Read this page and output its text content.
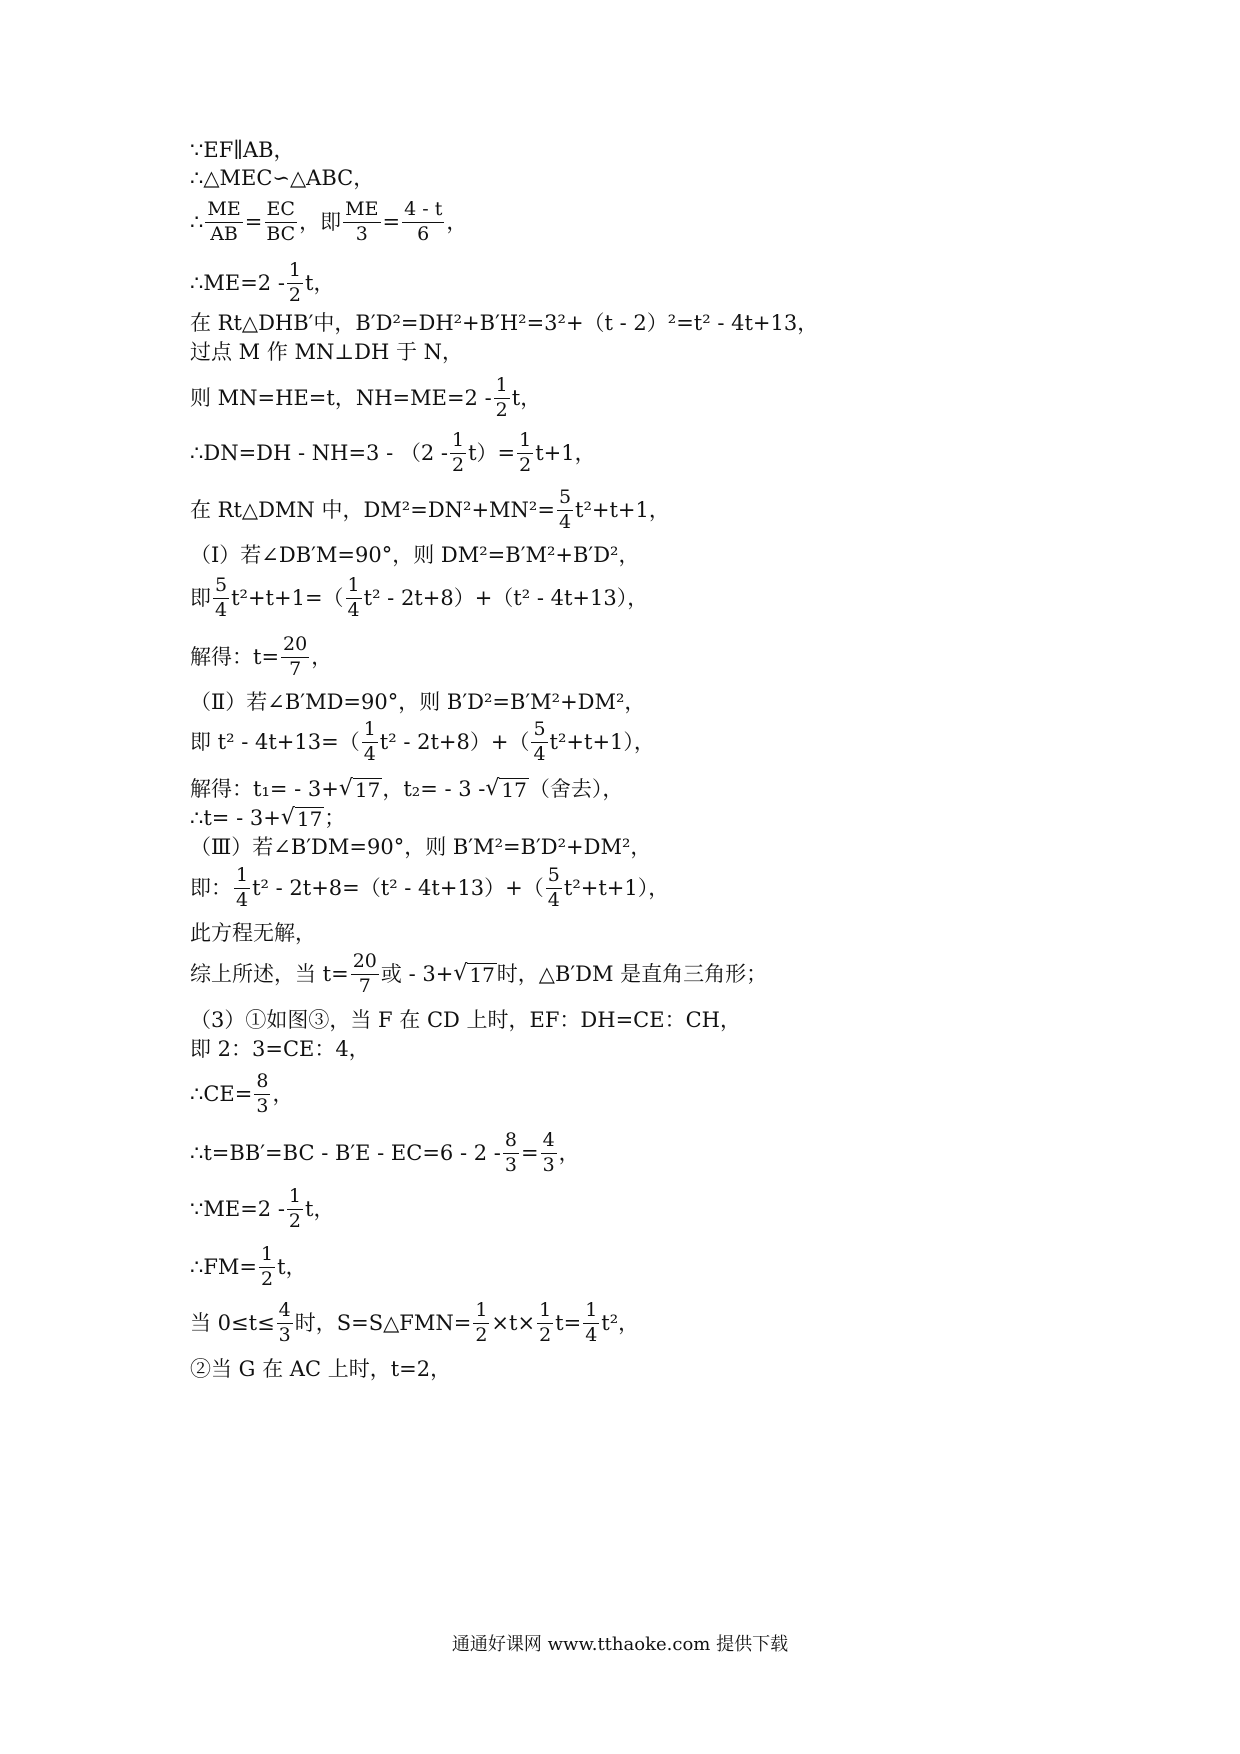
∵EF∥AB，
∴△MEC∽△ABC，
∴ $\frac{ME}{AB} = \frac{EC}{BC}$ ，即 $\frac{ME}{3} = \frac{4 - t}{6}$ ，
∴ME=2 - $\frac{1}{2}$ t，
在 Rt△DHB′中，B′D²=DH²+B′H²=3²+（t - 2）²=t² - 4t+13，
过点 M 作 MN⊥DH 于 N，
则 MN=HE=t，$NH=ME=2 - \frac{1}{2}$ t，
∴DN=DH - $NH=3 - (2 - \frac{1}{2} t)= \frac{1}{2} t+1$，
在 Rt△DMN 中，$DM^2=DN^2+MN^2= \frac{5}{4} t^2+t+1$，
（Ⅰ）若∠DB′M=90°，则 DM²=B′M²+B′D²，
即 $\frac{5}{4} t^2+t+1=( \frac{1}{4} t^2 - 2t+8)+(t^2 - 4t+13)$，
解得：$t= \frac{20}{7}$ ，
（Ⅱ）若∠B′MD=90°，则 B′D²=B′M²+DM²，
即 $t^2 - 4t+13=( \frac{1}{4} t^2 - 2t+8)+( \frac{5}{4} t^2+t+1)$，
解得：t₁= - 3+ √ 17 ，t₂= - 3 - √ 17 （舍去），
∴t= - 3+ √ 17 ；
（Ⅲ）若∠B′DM=90°，则 B′M²=B′D²+DM²，
即： $\frac{1}{4} t^2 - 2t+8=(t^2 - 4t+13)+( \frac{5}{4} t^2+t+1)$，
此方程无解，
综上所述，当 $t= \frac{20}{7}$ 或 - 3+ √ 17 时，△B′DM 是直角三角形；
（3）①如图③，当 F 在 CD 上时，EF：DH=CE：CH，
即 2：3=CE：4，
∴CE= $\frac{8}{3}$ ，
∴t=BB′=BC - $B'E - EC=6 - 2 - \frac{8}{3} = \frac{4}{3}$ ，
∵ME=2 - $\frac{1}{2}$ t，
∴FM= $\frac{1}{2}$ t，
当 $0\le t\le \frac{4}{3}$ 时，S=S△FMN= $\frac{1}{2} \times t\times \frac{1}{2} t= \frac{1}{4} t^2$，
②当 G 在 AC 上时，t=2，
通通好课网 www.tthaoke.com 提供下载
